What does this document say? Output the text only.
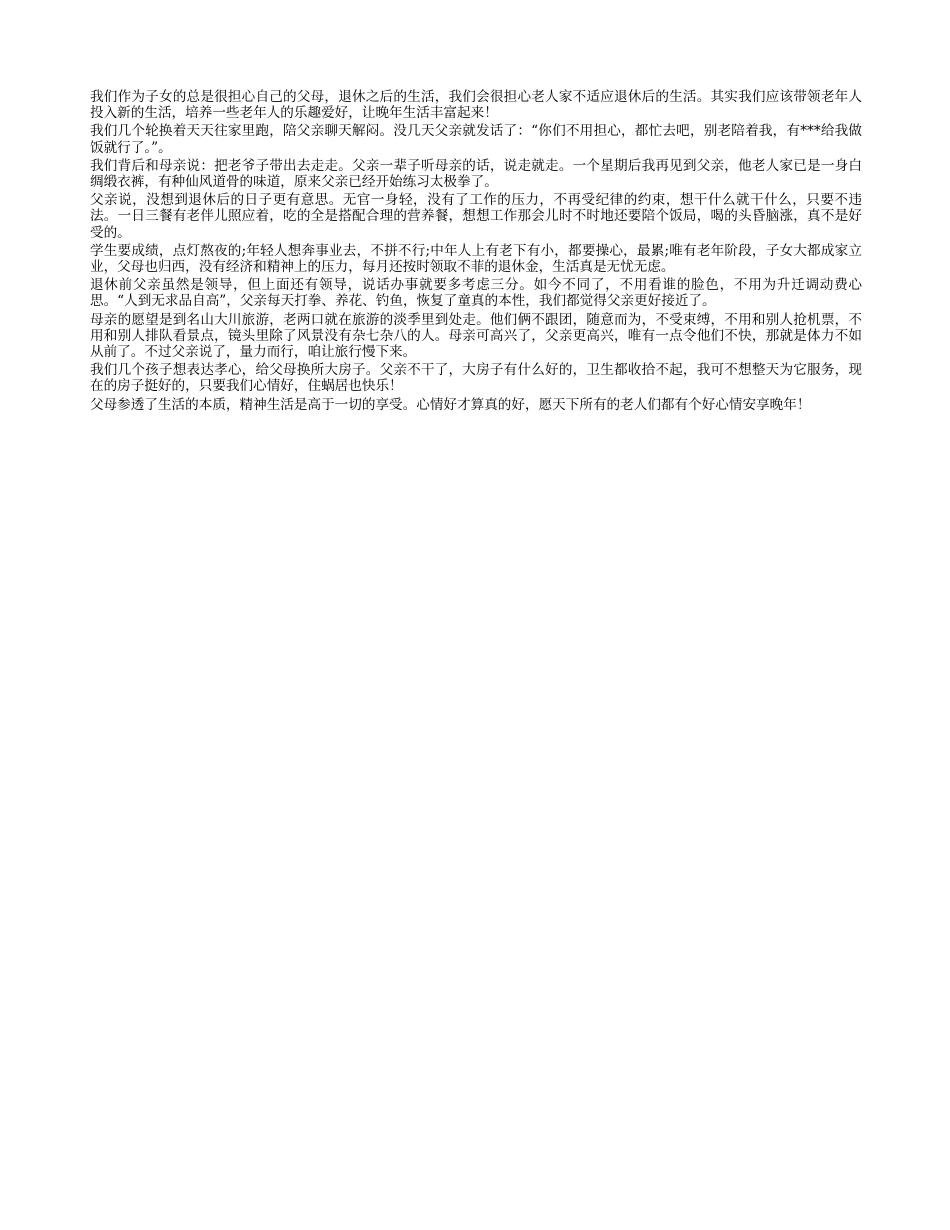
我们作为子女的总是很担心自己的父母，退休之后的生活，我们会很担心老人家不适应退休后的生活。其实我们应该带领老年人投入新的生活，培养一些老年人的乐趣爱好，让晚年生活丰富起来！

我们几个轮换着天天往家里跑，陪父亲聊天解闷。没几天父亲就发话了：“你们不用担心，都忙去吧，别老陪着我，有***给我做饭就行了。”。

我们背后和母亲说：把老爷子带出去走走。父亲一辈子听母亲的话，说走就走。一个星期后我再见到父亲，他老人家已是一身白绸缎衣裤，有种仙风道骨的味道，原来父亲已经开始练习太极拳了。

父亲说，没想到退休后的日子更有意思。无官一身轻，没有了工作的压力，不再受纪律的约束，想干什么就干什么，只要不违法。一日三餐有老伴儿照应着，吃的全是搭配合理的营养餐，想想工作那会儿时不时地还要陪个饭局，喝的头昏脑涨，真不是好受的。

学生要成绩，点灯熬夜的;年轻人想奔事业去，不拼不行;中年人上有老下有小，都要操心，最累;唯有老年阶段，子女大都成家立业，父母也归西，没有经济和精神上的压力，每月还按时领取不菲的退休金，生活真是无忧无虑。

退休前父亲虽然是领导，但上面还有领导，说话办事就要多考虑三分。如今不同了，不用看谁的脸色，不用为升迁调动费心思。“人到无求品自高”，父亲每天打拳、养花、钓鱼，恢复了童真的本性，我们都觉得父亲更好接近了。

母亲的愿望是到名山大川旅游，老两口就在旅游的淡季里到处走。他们俩不跟团，随意而为，不受束缚，不用和别人抢机票，不用和别人排队看景点，镜头里除了风景没有杂七杂八的人。母亲可高兴了，父亲更高兴，唯有一点令他们不快，那就是体力不如从前了。不过父亲说了，量力而行，咱让旅行慢下来。

我们几个孩子想表达孝心，给父母换所大房子。父亲不干了，大房子有什么好的，卫生都收拾不起，我可不想整天为它服务，现在的房子挺好的，只要我们心情好，住蜗居也快乐！

父母参透了生活的本质，精神生活是高于一切的享受。心情好才算真的好，愿天下所有的老人们都有个好心情安享晚年！
